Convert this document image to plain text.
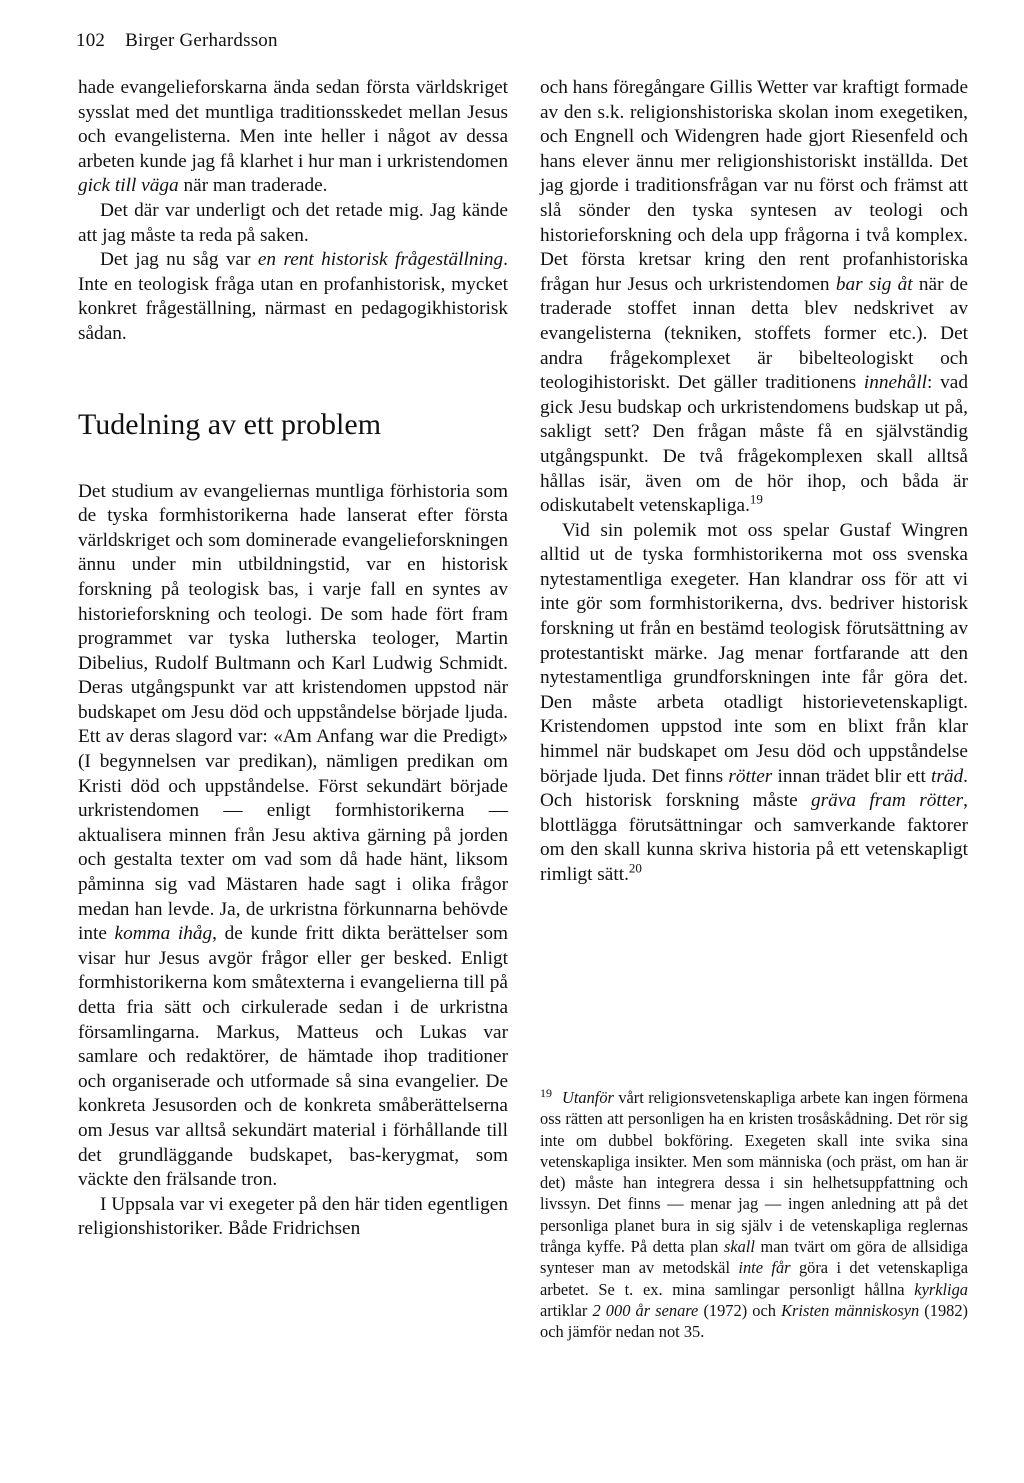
102 Birger Gerhardsson

hade evangelieforskarna ända sedan första världskriget sysslat med det muntliga traditionsskedet mellan Jesus och evangelisterna. Men inte heller i något av dessa arbeten kunde jag få klarhet i hur man i urkristendomen gick till väga när man traderade.

Det där var underligt och det retade mig. Jag kände att jag måste ta reda på saken.

Det jag nu såg var en rent historisk frågeställning. Inte en teologisk fråga utan en profanhistorisk, mycket konkret frågeställning, närmast en pedagogikhistorisk sådan.

Tudelning av ett problem

Det studium av evangeliernas muntliga förhistoria som de tyska formhistorikerna hade lanserat efter första världskriget och som dominerade evangelieforskningen ännu under min utbildningstid, var en historisk forskning på teologisk bas, i varje fall en syntes av historieforskning och teologi. De som hade fört fram programmet var tyska lutherska teologer, Martin Dibelius, Rudolf Bultmann och Karl Ludwig Schmidt. Deras utgångspunkt var att kristendomen uppstod när budskapet om Jesu död och uppståndelse började ljuda. Ett av deras slagord var: «Am Anfang war die Predigt» (I begynnelsen var predikan), nämligen predikan om Kristi död och uppståndelse. Först sekundärt började urkristendomen — enligt formhistorikerna — aktualisera minnen från Jesu aktiva gärning på jorden och gestalta texter om vad som då hade hänt, liksom påminna sig vad Mästaren hade sagt i olika frågor medan han levde. Ja, de urkristna förkunnarna behövde inte komma ihåg, de kunde fritt dikta berättelser som visar hur Jesus avgör frågor eller ger besked. Enligt formhistorikerna kom småtexterna i evangelierna till på detta fria sätt och cirkulerade sedan i de urkristna församlingarna. Markus, Matteus och Lukas var samlare och redaktörer, de hämtade ihop traditioner och organiserade och utformade så sina evangelier. De konkreta Jesusorden och de konkreta småberättelserna om Jesus var alltså sekundärt material i förhållande till det grundläggande budskapet, bas-kerygmat, som väckte den frälsande tron.

I Uppsala var vi exegeter på den här tiden egentligen religionshistoriker. Både Fridrichsen

och hans föregångare Gillis Wetter var kraftigt formade av den s.k. religionshistoriska skolan inom exegetiken, och Engnell och Widengren hade gjort Riesenfeld och hans elever ännu mer religionshistoriskt inställda. Det jag gjorde i traditionsfrågan var nu först och främst att slå sönder den tyska syntesen av teologi och historieforskning och dela upp frågorna i två komplex. Det första kretsar kring den rent profanhistoriska frågan hur Jesus och urkristendomen bar sig åt när de traderade stoffet innan detta blev nedskrivet av evangelisterna (tekniken, stoffets former etc.). Det andra frågekomplexet är bibelteologiskt och teologihistoriskt. Det gäller traditionens innehåll: vad gick Jesu budskap och urkristendomens budskap ut på, sakligt sett? Den frågan måste få en självständig utgångspunkt. De två frågekomplexen skall alltså hållas isär, även om de hör ihop, och båda är odiskutabelt vetenskapliga.$^{19}$

Vid sin polemik mot oss spelar Gustaf Wingren alltid ut de tyska formhistorikerna mot oss svenska nytestamentliga exegeter. Han klandrar oss för att vi inte gör som formhistorikerna, dvs. bedriver historisk forskning ut från en bestämd teologisk förutsättning av protestantiskt märke. Jag menar fortfarande att den nytestamentliga grundforskningen inte får göra det. Den måste arbeta otadligt historievetenskapligt. Kristendomen uppstod inte som en blixt från klar himmel när budskapet om Jesu död och uppståndelse började ljuda. Det finns rötter innan trädet blir ett träd. Och historisk forskning måste gräva fram rötter, blottlägga förutsättningar och samverkande faktorer om den skall kunna skriva historia på ett vetenskapligt rimligt sätt.$^{20}$

$^{19}$ Utanför vårt religionsvetenskapliga arbete kan ingen förmena oss rätten att personligen ha en kristen trosåskådning. Det rör sig inte om dubbel bokföring. Exegeten skall inte svika sina vetenskapliga insikter. Men som människa (och präst, om han är det) måste han integrera dessa i sin helhetsuppfattning och livssyn. Det finns — menar jag — ingen anledning att på det personliga planet bura in sig själv i de vetenskapliga reglernas trånga kyffe. På detta plan skall man tvärt om göra de allsidiga synteser man av metodskäl inte får göra i det vetenskapliga arbetet. Se t. ex. mina samlingar personligt hållna kyrkliga artiklar 2 000 år senare (1972) och Kristen människosyn (1982) och jämför nedan not 35.
